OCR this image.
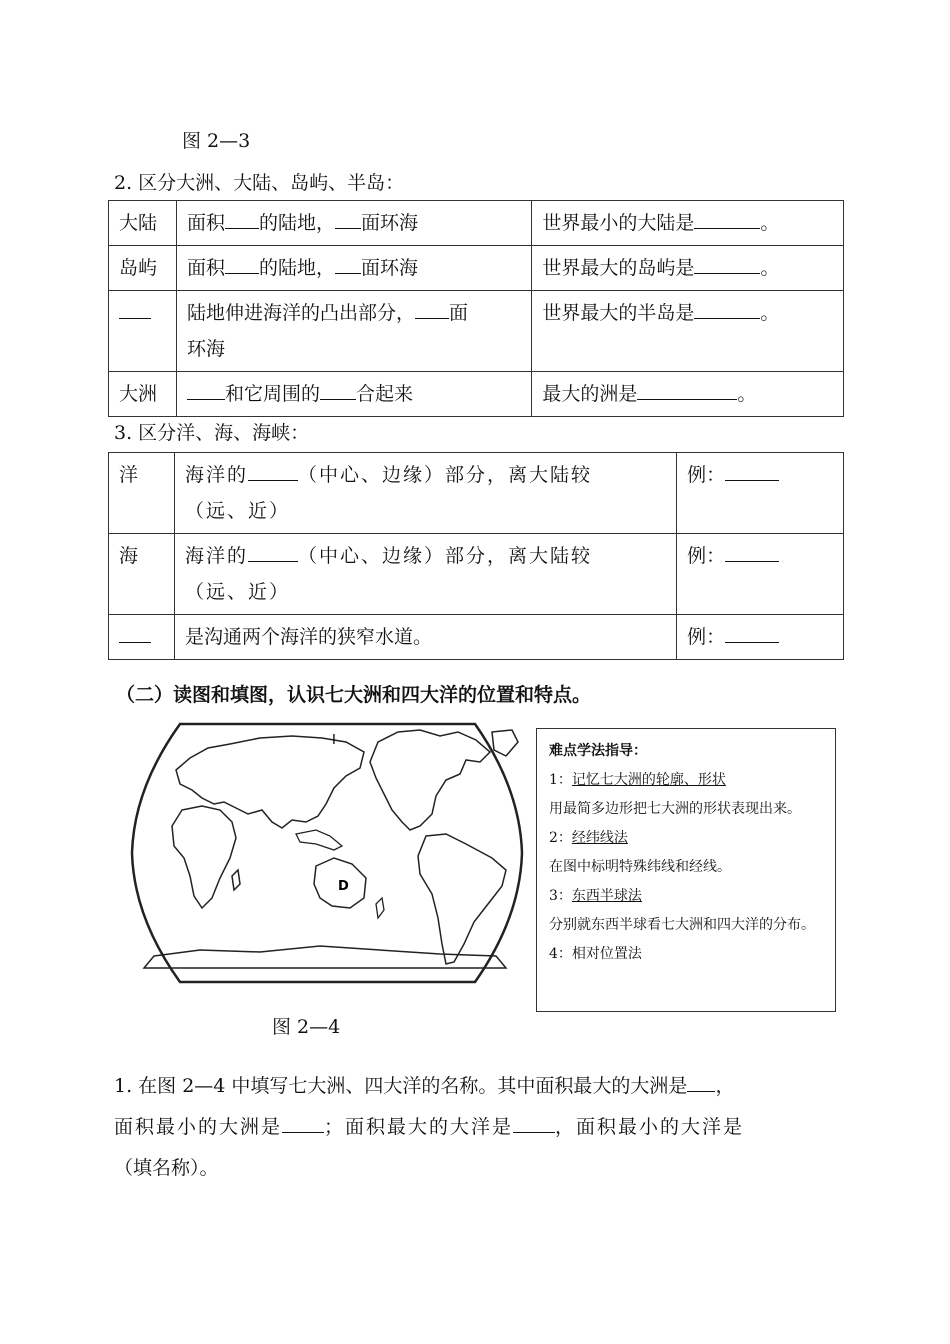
图 2—3
2. 区分大洲、大陆、岛屿、半岛：
大陆	面积 的陆地， 面环海	世界最小的大陆是 。
岛屿	面积 的陆地， 面环海	世界最大的岛屿是 。
	陆地伸进海洋的凸出部分， 面
环海	世界最大的半岛是 。
大洲	和它周围的 合起来	最大的洲是 。
3. 区分洋、海、海峡：
洋	海洋的 （中心、边缘）部分，离大陆较
（远、近）	例：
海	海洋的 （中心、边缘）部分，离大陆较
（远、近）	例：
	是沟通两个海洋的狭窄水道。	例：
（二）读图和填图，认识七大洲和四大洋的位置和特点。
I
D
难点学法指导：
1：记忆七大洲的轮廓、形状
用最简多边形把七大洲的形状表现出来。
2：经纬线法
在图中标明特殊纬线和经线。
3：东西半球法
分别就东西半球看七大洲和四大洋的分布。
4：相对位置法
图 2—4
1. 在图 2—4 中填写七大洲、四大洋的名称。其中面积最大的大洲是 ，
面积最小的大洲是 ；面积最大的大洋是 ，面积最小的大洋是
（填名称）。
